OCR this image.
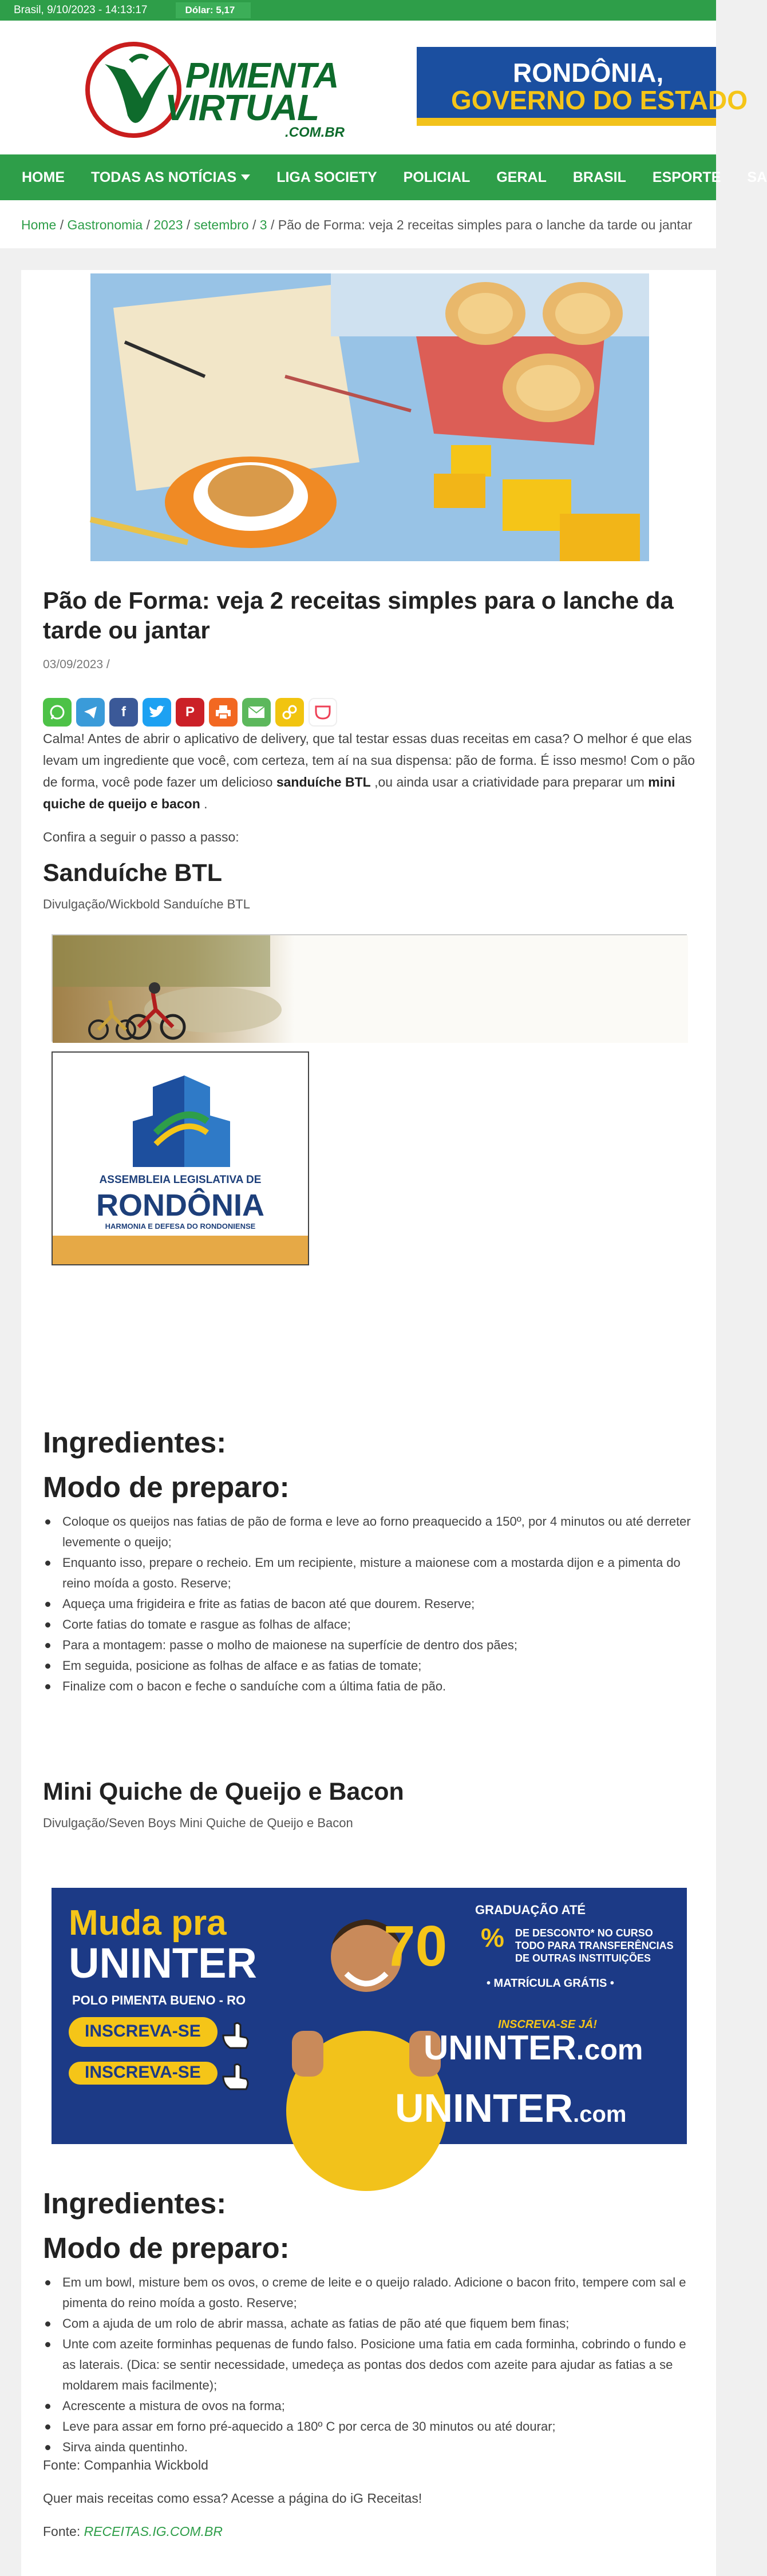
Brasil, 9/10/2023 - 14:13:17	Dólar: 5,17
PIMENTA
VIRTUAL
.COM.BR
RONDÔNIA,
GOVERNO DO ESTADO
HOME TODAS AS NOTÍCIAS	LIGA SOCIETY POLICIAL GERAL BRASIL ESPORTE SA
Home / Gastronomia / 2023 / setembro / 3 / Pão de Forma: veja 2 receitas simples para o lanche da tarde ou jantar
Pão de Forma: veja 2 receitas simples para o lanche da tarde ou jantar
03/09/2023 /
f	P

Calma! Antes de abrir o aplicativo de delivery, que tal testar essas duas receitas em casa? O melhor é que elas levam um ingrediente que você, com certeza, tem aí na sua dispensa: pão de forma. É isso mesmo! Com o pão de forma, você pode fazer um delicioso sanduíche BTL ,ou ainda usar a criatividade para preparar um mini quiche de queijo e bacon .

Confira a seguir o passo a passo:

Sanduíche BTL
Divulgação/Wickbold Sanduíche BTL
ASSEMBLEIA LEGISLATIVA DE
RONDÔNIA
HARMONIA E DEFESA DO RONDONIENSE
Ingredientes:
Modo de preparo:
Coloque os queijos nas fatias de pão de forma e leve ao forno preaquecido a 150º, por 4 minutos ou até derreter levemente o queijo;
Enquanto isso, prepare o recheio. Em um recipiente, misture a maionese com a mostarda dijon e a pimenta do reino moída a gosto. Reserve;
Aqueça uma frigideira e frite as fatias de bacon até que dourem. Reserve;
Corte fatias do tomate e rasgue as folhas de alface;
Para a montagem: passe o molho de maionese na superfície de dentro dos pães;
Em seguida, posicione as folhas de alface e as fatias de tomate;
Finalize com o bacon e feche o sanduíche com a última fatia de pão.
Mini Quiche de Queijo e Bacon
Divulgação/Seven Boys Mini Quiche de Queijo e Bacon
Muda pra
UNINTER
POLO PIMENTA BUENO - RO
INSCREVA-SE
INSCREVA-SE
GRADUAÇÃO ATÉ
70 % DE DESCONTO* NO CURSO TODO PARA TRANSFERÊNCIAS DE OUTRAS INSTITUIÇÕES
• MATRÍCULA GRÁTIS •
INSCREVA-SE JÁ!
UNINTER.com
UNINTER.com
Ingredientes:
Modo de preparo:
Em um bowl, misture bem os ovos, o creme de leite e o queijo ralado. Adicione o bacon frito, tempere com sal e pimenta do reino moída a gosto. Reserve;
Com a ajuda de um rolo de abrir massa, achate as fatias de pão até que fiquem bem finas;
Unte com azeite forminhas pequenas de fundo falso. Posicione uma fatia em cada forminha, cobrindo o fundo e as laterais. (Dica: se sentir necessidade, umedeça as pontas dos dedos com azeite para ajudar as fatias a se moldarem mais facilmente);
Acrescente a mistura de ovos na forma;
Leve para assar em forno pré-aquecido a 180º C por cerca de 30 minutos ou até dourar;
Sirva ainda quentinho.

Fonte: Companhia Wickbold

Quer mais receitas como essa? Acesse a página do iG Receitas!

Fonte: RECEITAS.IG.COM.BR
